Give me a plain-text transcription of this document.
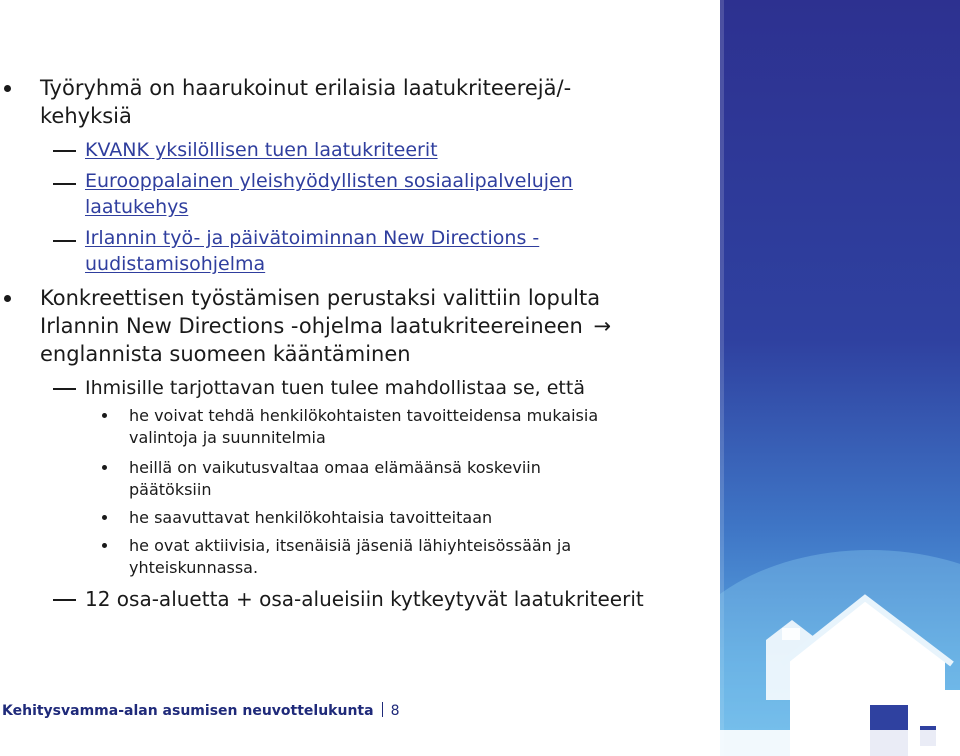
Työryhmä on haarukoinut erilaisia laatukriteerejä/-
kehyksiä
KVANK yksilöllisen tuen laatukriteerit
Eurooppalainen yleishyödyllisten sosiaalipalvelujen
laatukehys
Irlannin työ- ja päivätoiminnan New Directions -
uudistamisohjelma
Konkreettisen työstämisen perustaksi valittiin lopulta
Irlannin New Directions -ohjelma laatukriteereineen →
englannista suomeen kääntäminen
Ihmisille tarjottavan tuen tulee mahdollistaa se, että
he voivat tehdä henkilökohtaisten tavoitteidensa mukaisia
valintoja ja suunnitelmia
heillä on vaikutusvaltaa omaa elämäänsä koskeviin
päätöksiin
he saavuttavat henkilökohtaisia tavoitteitaan
he ovat aktiivisia, itsenäisiä jäseniä lähiyhteisössään ja
yhteiskunnassa.
12 osa-aluetta + osa-alueisiin kytkeytyvät laatukriteerit
Kehitysvammа-alan asumisen neuvottelukunta 8
